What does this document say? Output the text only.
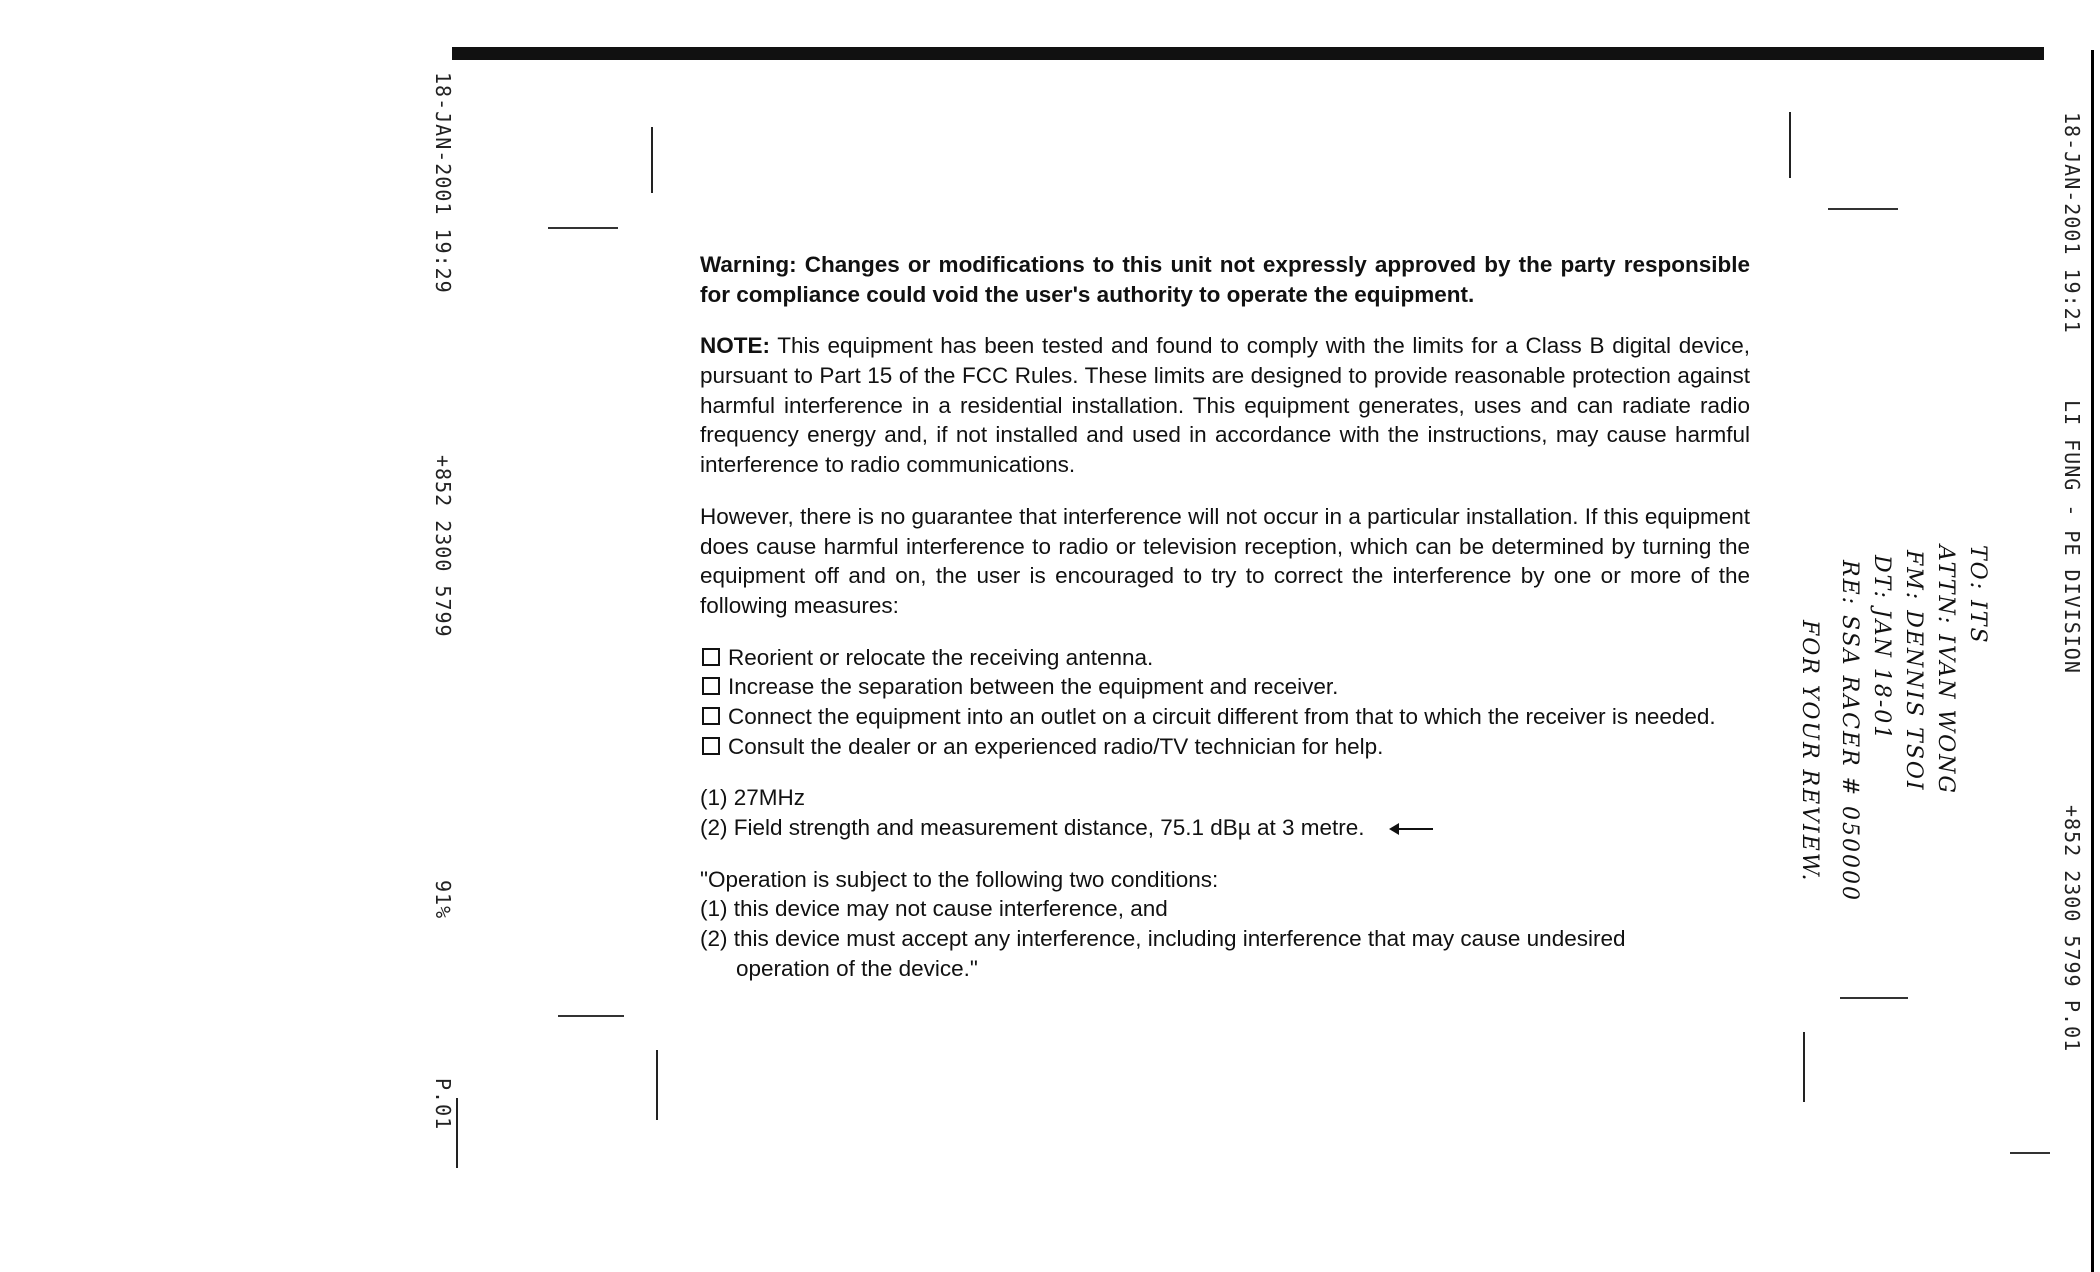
18-JAN-2001 19:29
+852 2300 5799
91%
P.01
18-JAN-2001 19:21
LI FUNG - PE DIVISION
+852 2300 5799
P.01

Warning: Changes or modifications to this unit not expressly approved by the party responsible for compliance could void the user's authority to operate the equipment.

NOTE: This equipment has been tested and found to comply with the limits for a Class B digital device, pursuant to Part 15 of the FCC Rules. These limits are designed to provide reasonable protection against harmful interference in a residential installation. This equipment generates, uses and can radiate radio frequency energy and, if not installed and used in accordance with the instructions, may cause harmful interference to radio communications.

However, there is no guarantee that interference will not occur in a particular installation. If this equipment does cause harmful interference to radio or television reception, which can be determined by turning the equipment off and on, the user is encouraged to try to correct the interference by one or more of the following measures:

Reorient or relocate the receiving antenna.
Increase the separation between the equipment and receiver.
Connect the equipment into an outlet on a circuit different from that to which the receiver is needed.
Consult the dealer or an experienced radio/TV technician for help.
(1) 27MHz
(2) Field strength and measurement distance, 75.1 dBµ at 3 metre.
"Operation is subject to the following two conditions:
(1) this device may not cause interference, and
(2) this device must accept any interference, including interference that may cause undesired
operation of the device."
TO: ITS
ATTN: IVAN WONG
FM: DENNIS TSOI
DT: JAN 18-01
RE: SSA RACER # 050000
FOR YOUR REVIEW.
